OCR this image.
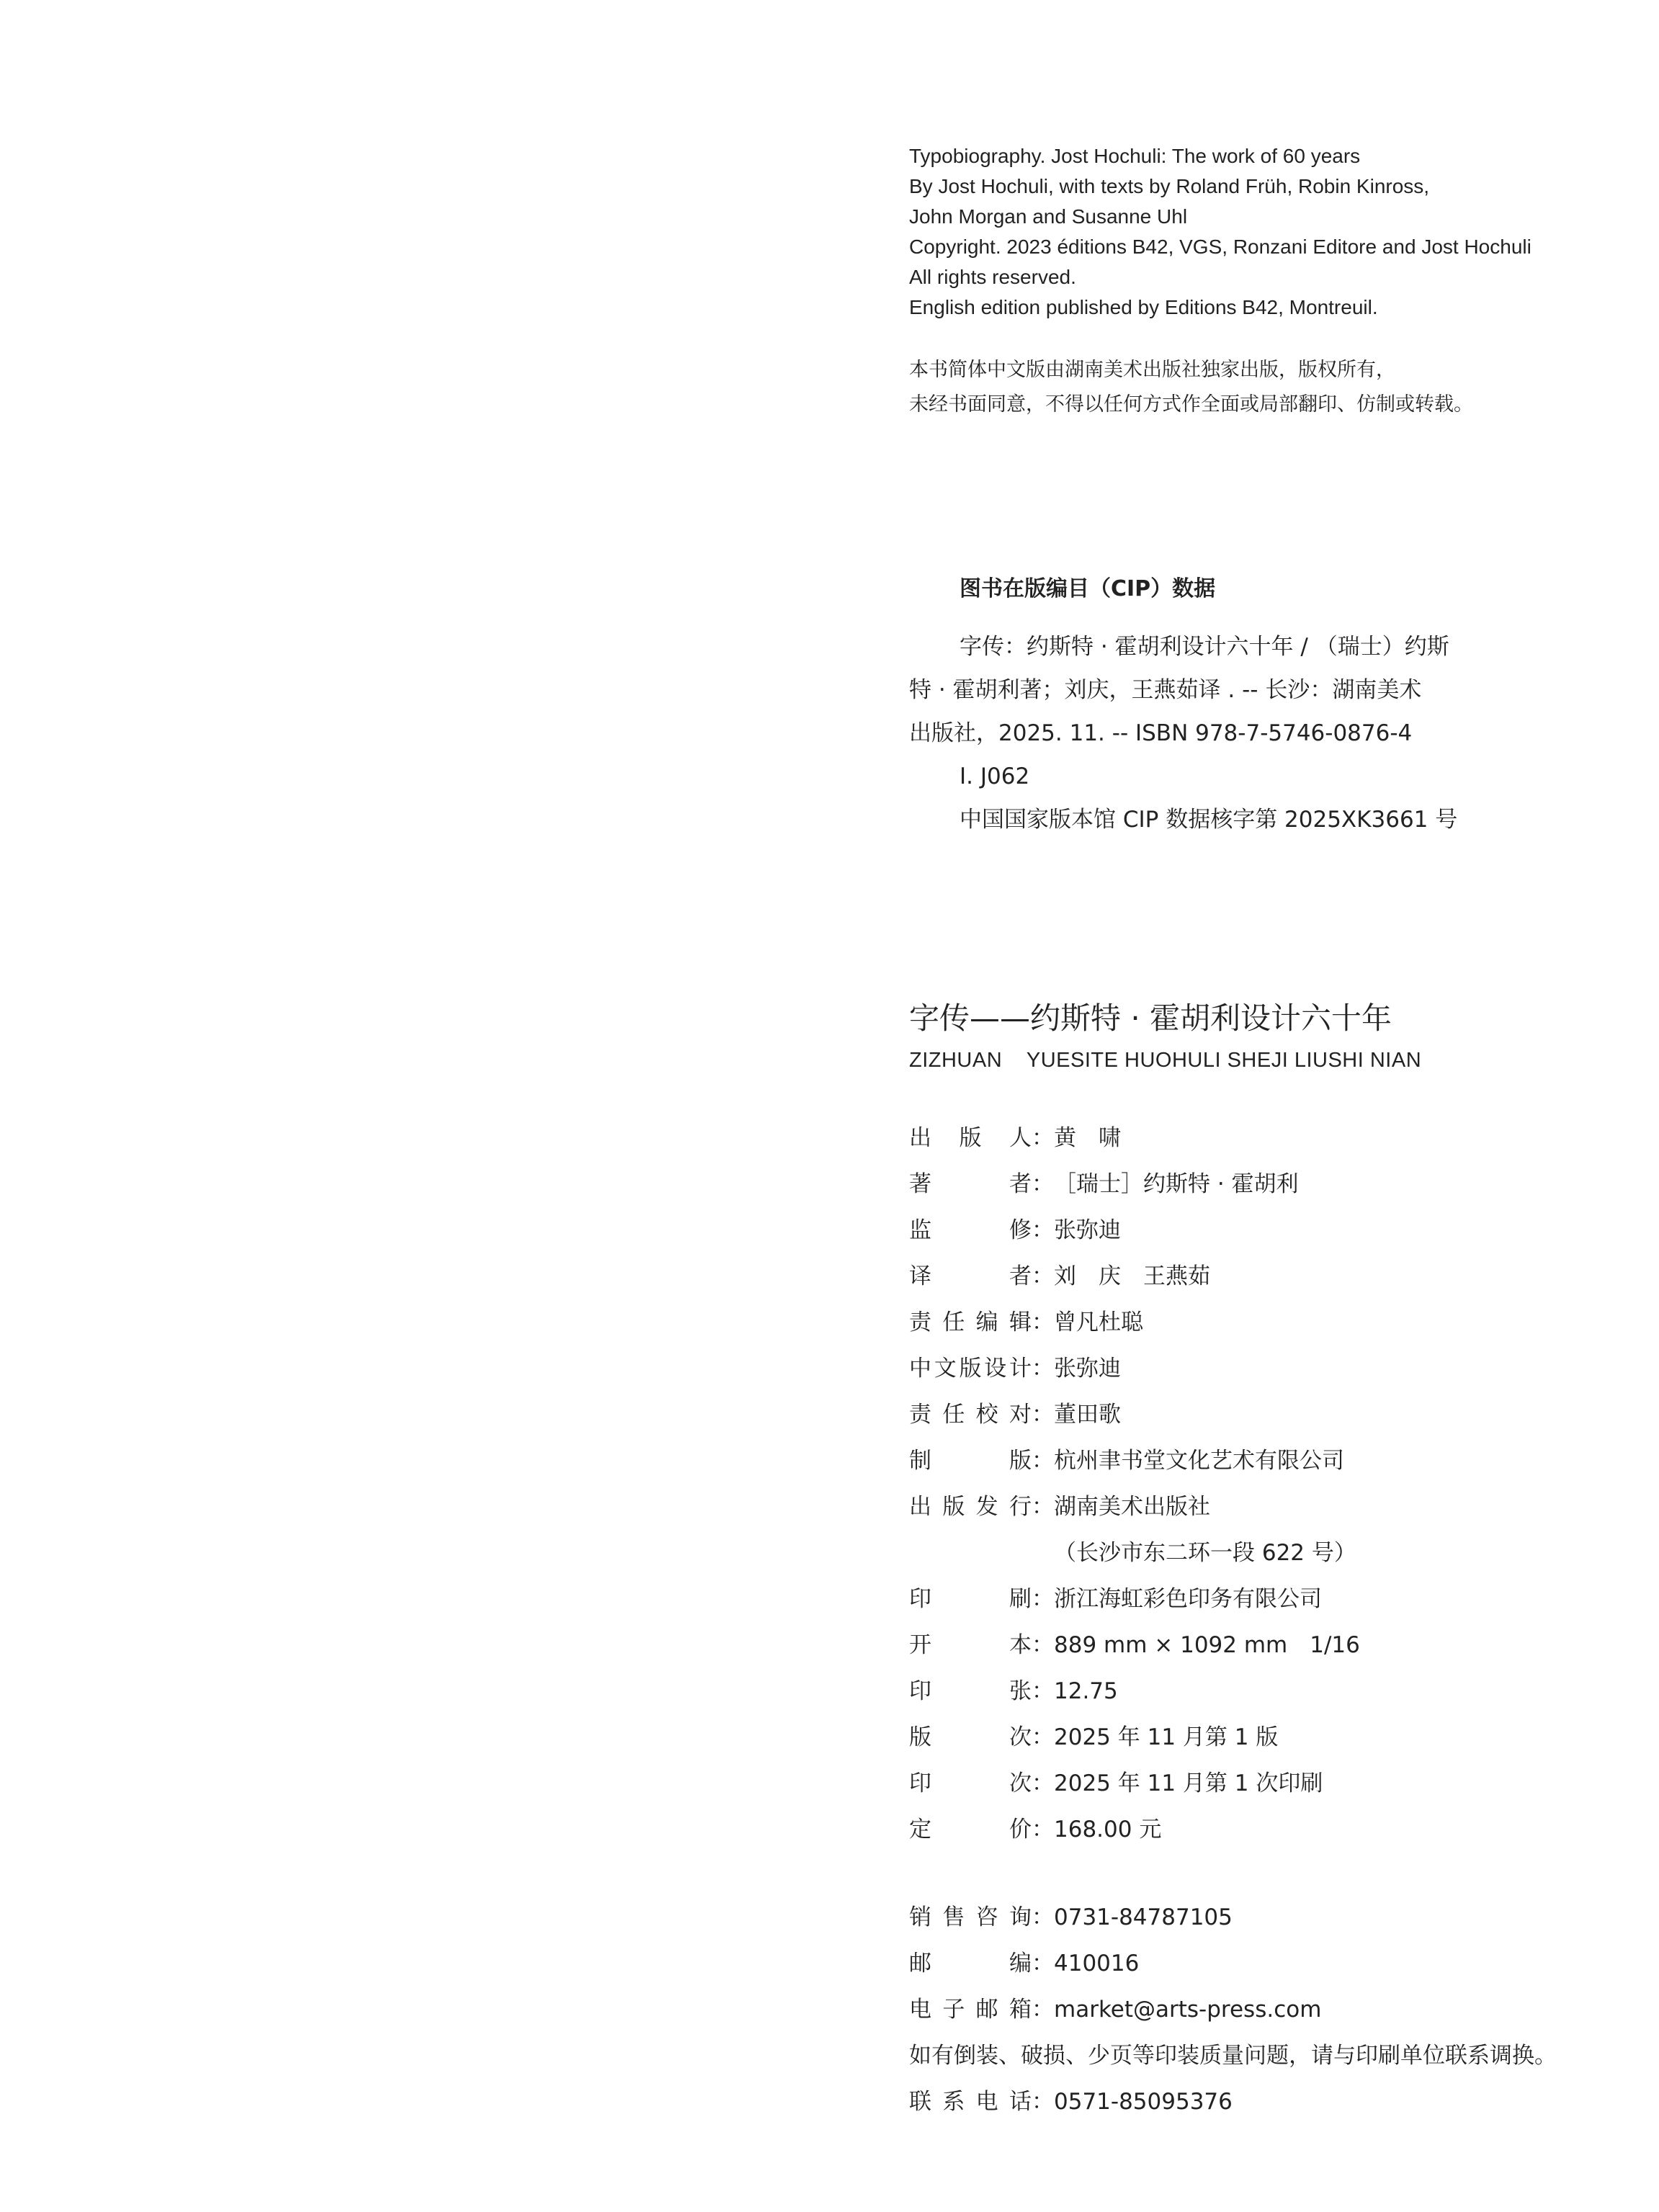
Typobiography. Jost Hochuli: The work of 60 years
By Jost Hochuli, with texts by Roland Früh, Robin Kinross,
John Morgan and Susanne Uhl
Copyright. 2023 éditions B42, VGS, Ronzani Editore and Jost Hochuli
All rights reserved.
English edition published by Editions B42, Montreuil.
本书简体中文版由湖南美术出版社独家出版，版权所有，
未经书面同意，不得以任何方式作全面或局部翻印、仿制或转载。
图书在版编目（CIP）数据
字传：约斯特 · 霍胡利设计六十年 / （瑞士）约斯
特 · 霍胡利著；刘庆，王燕茹译 . -- 长沙：湖南美术
出版社，2025. 11. -- ISBN 978-7-5746-0876-4
I. J062
中国国家版本馆 CIP 数据核字第 2025XK3661 号
字传——约斯特 · 霍胡利设计六十年
ZIZHUAN    YUESITE HUOHULI SHEJI LIUSHI NIAN
出 版 人 ： 黄　啸
著	者 ： ［瑞士］约斯特 · 霍胡利
监	修 ： 张弥迪
译	者 ： 刘　庆　王燕茹
责 任 编 辑 ： 曾凡杜聪
中 文 版 设 计 ： 张弥迪
责 任 校 对 ： 董田歌
制	版 ： 杭州聿书堂文化艺术有限公司
出 版 发 行 ： 湖南美术出版社

（长沙市东二环一段 622 号）
印	刷 ： 浙江海虹彩色印务有限公司
开	本 ： 889 mm × 1092 mm　1/16
印	张 ： 12.75
版	次 ： 2025 年 11 月第 1 版
印	次 ： 2025 年 11 月第 1 次印刷
定	价 ： 168.00 元
销 售 咨 询 ： 0731-84787105
邮	编 ： 410016
电 子 邮 箱 ： market@arts-press.com
如有倒装、破损、少页等印装质量问题，请与印刷单位联系调换。
联 系 电 话 ： 0571-85095376
